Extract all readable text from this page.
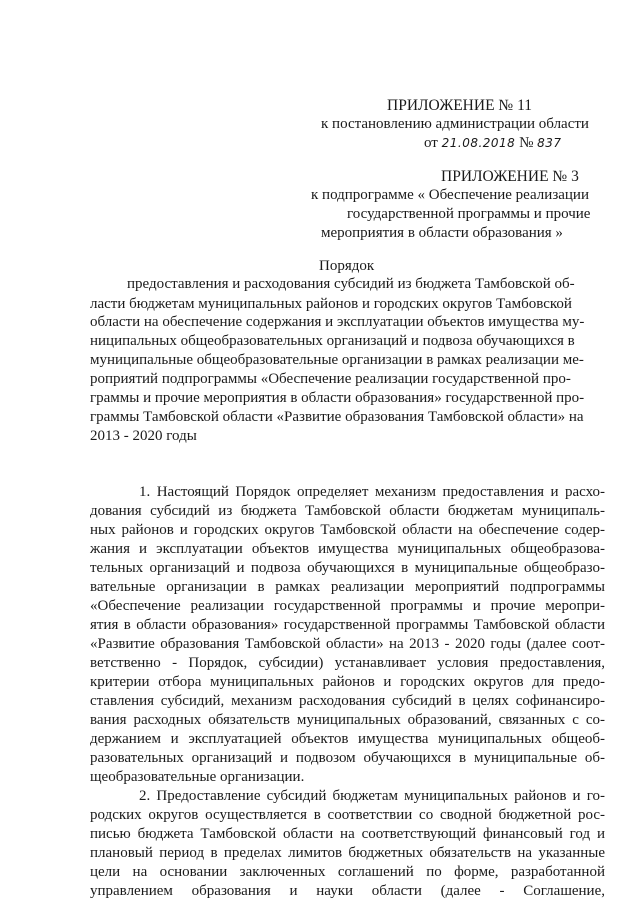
ПРИЛОЖЕНИЕ № 11
к постановлению администрации области
от 21.08.2018 № 837
ПРИЛОЖЕНИЕ № 3
к подпрограмме « Обеспечение реализации
государственной программы и прочие
мероприятия в области образования »
Порядок
предоставления и расходования субсидий из бюджета Тамбовской об-
ласти бюджетам муниципальных районов и городских округов Тамбовской
области на обеспечение содержания и эксплуатации объектов имущества му-
ниципальных общеобразовательных организаций и подвоза обучающихся в
муниципальные общеобразовательные организации в рамках реализации ме-
роприятий подпрограммы «Обеспечение реализации государственной про-
граммы и прочие мероприятия в области образования» государственной про-
граммы Тамбовской области «Развитие образования Тамбовской области» на
2013 - 2020 годы
1. Настоящий Порядок определяет механизм предоставления и расхо-
дования субсидий из бюджета Тамбовской области бюджетам муниципаль-
ных районов и городских округов Тамбовской области на обеспечение содер-
жания и эксплуатации объектов имущества муниципальных общеобразова-
тельных организаций и подвоза обучающихся в муниципальные общеобразо-
вательные организации в рамках реализации мероприятий подпрограммы
«Обеспечение реализации государственной программы и прочие меропри-
ятия в области образования» государственной программы Тамбовской области
«Развитие образования Тамбовской области» на 2013 - 2020 годы (далее соот-
ветственно - Порядок, субсидии) устанавливает условия предоставления,
критерии отбора муниципальных районов и городских округов для предо-
ставления субсидий, механизм расходования субсидий в целях софинансиро-
вания расходных обязательств муниципальных образований, связанных с со-
держанием и эксплуатацией объектов имущества муниципальных общеоб-
разовательных организаций и подвозом обучающихся в муниципальные об-
щеобразовательные организации.
2. Предоставление субсидий бюджетам муниципальных районов и го-
родских округов осуществляется в соответствии со сводной бюджетной рос-
писью бюджета Тамбовской области на соответствующий финансовый год и
плановый период в пределах лимитов бюджетных обязательств на указанные
цели на основании заключенных соглашений по форме, разработанной
управлением образования и науки области (далее - Соглашение,
